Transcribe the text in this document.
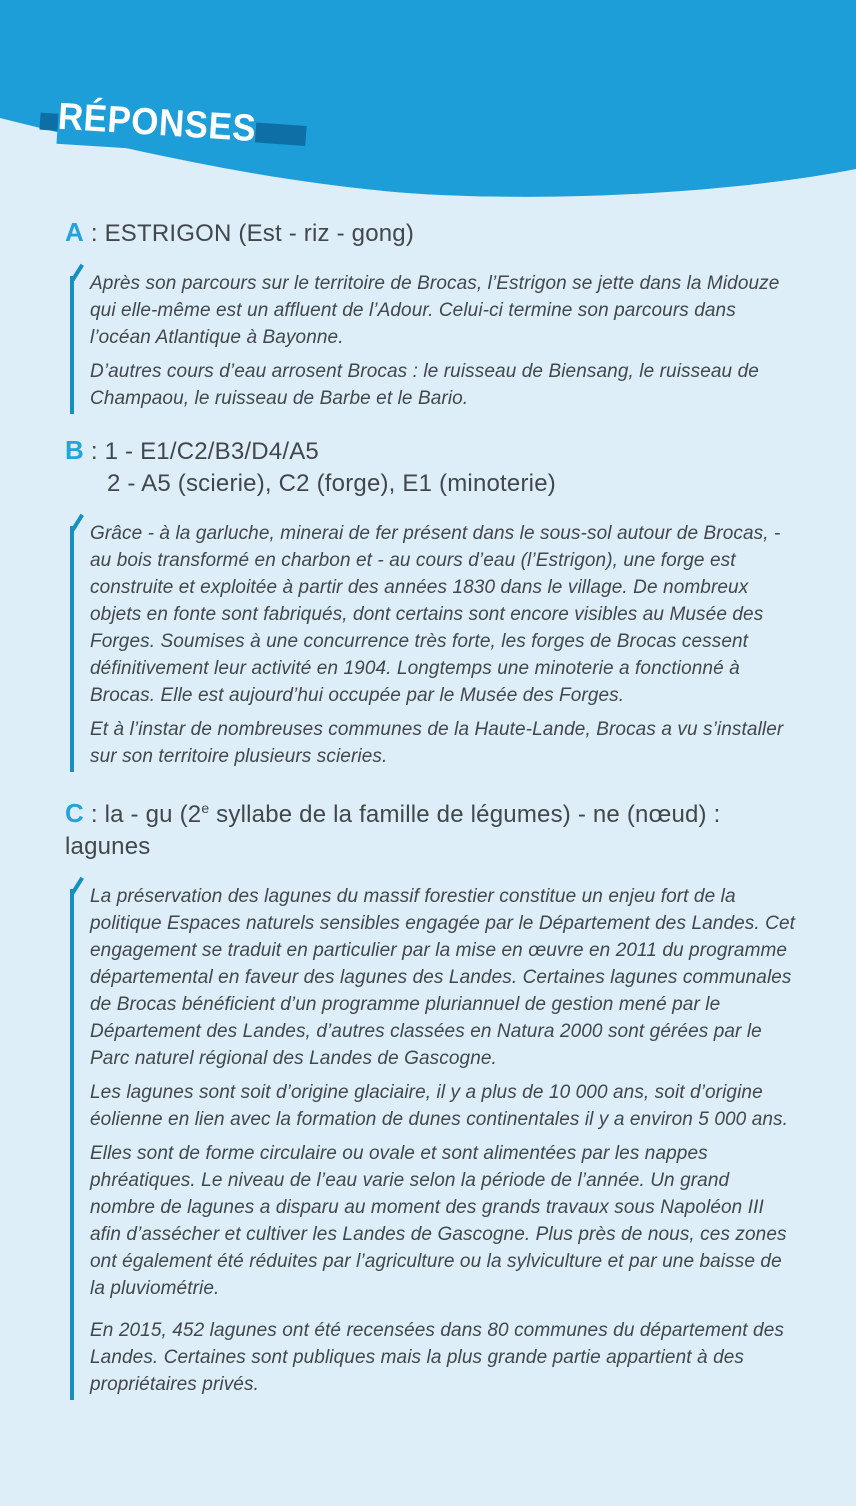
RÉPONSES
A : ESTRIGON (Est - riz - gong)

Après son parcours sur le territoire de Brocas, l’Estrigon se jette dans la Midouze qui elle-même est un affluent de l’Adour. Celui-ci termine son parcours dans l’océan Atlantique à Bayonne.

D’autres cours d’eau arrosent Brocas : le ruisseau de Biensang, le ruisseau de Champaou, le ruisseau de Barbe et le Bario.

B : 1 - E1/C2/B3/D4/A5
2 - A5 (scierie), C2 (forge), E1 (minoterie)

Grâce - à la garluche, minerai de fer présent dans le sous-sol autour de Brocas, - au bois transformé en charbon et - au cours d’eau (l’Estrigon), une forge est construite et exploitée à partir des années 1830 dans le village. De nombreux objets en fonte sont fabriqués, dont certains sont encore visibles au Musée des Forges. Soumises à une concurrence très forte, les forges de Brocas cessent définitivement leur activité en 1904. Longtemps une minoterie a fonctionné à Brocas. Elle est aujourd’hui occupée par le Musée des Forges.

Et à l’instar de nombreuses communes de la Haute-Lande, Brocas a vu s’installer sur son territoire plusieurs scieries.

C : la - gu (2e syllabe de la famille de légumes) - ne (nœud) : lagunes

La préservation des lagunes du massif forestier constitue un enjeu fort de la politique Espaces naturels sensibles engagée par le Département des Landes. Cet engagement se traduit en particulier par la mise en œuvre en 2011 du programme départemental en faveur des lagunes des Landes. Certaines lagunes communales de Brocas bénéficient d’un programme pluriannuel de gestion mené par le Département des Landes, d’autres classées en Natura 2000 sont gérées par le Parc naturel régional des Landes de Gascogne.

Les lagunes sont soit d’origine glaciaire, il y a plus de 10 000 ans, soit d’origine éolienne en lien avec la formation de dunes continentales il y a environ 5 000 ans.

Elles sont de forme circulaire ou ovale et sont alimentées par les nappes phréatiques. Le niveau de l’eau varie selon la période de l’année. Un grand nombre de lagunes a disparu au moment des grands travaux sous Napoléon III afin d’assécher et cultiver les Landes de Gascogne. Plus près de nous, ces zones ont également été réduites par l’agriculture ou la sylviculture et par une baisse de la pluviométrie.

En 2015, 452 lagunes ont été recensées dans 80 communes du département des Landes. Certaines sont publiques mais la plus grande partie appartient à des propriétaires privés.
